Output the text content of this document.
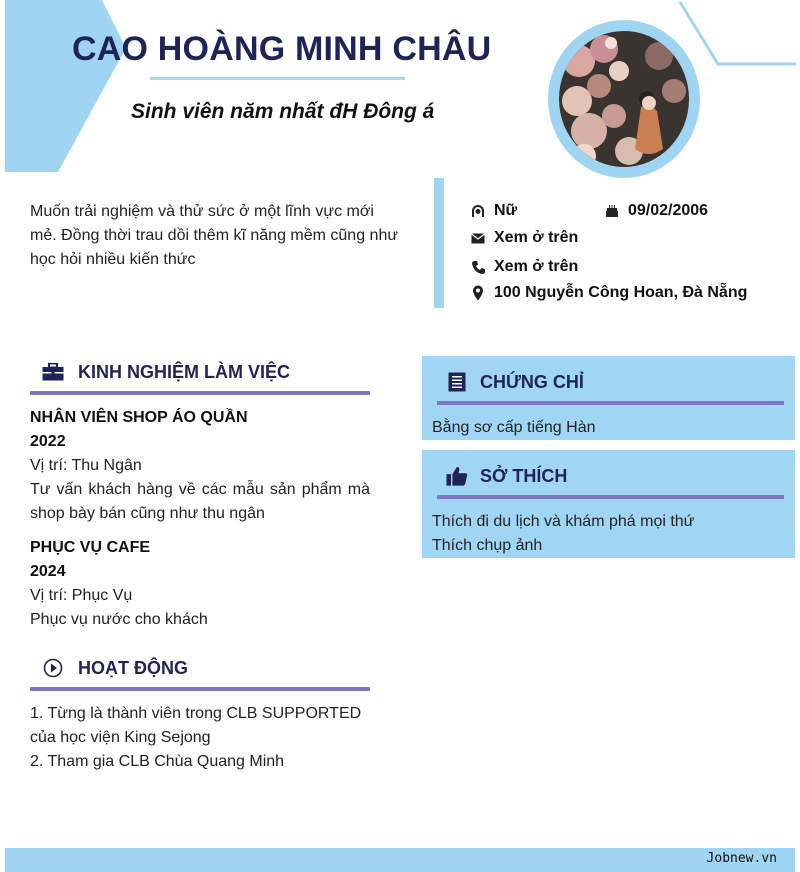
CAO HOÀNG MINH CHÂU
Sinh viên năm nhất đH Đông á
Muốn trải nghiệm và thử sức ở một lĩnh vực mới mẻ. Đồng thời trau dồi thêm kĩ năng mềm cũng như học hỏi nhiều kiến thức
Nữ	09/02/2006
Xem ở trên
Xem ở trên
100 Nguyễn Công Hoan, Đà Nẵng
KINH NGHIỆM LÀM VIỆC
NHÂN VIÊN SHOP ÁO QUẦN
2022
Vị trí: Thu Ngân
Tư vấn khách hàng về các mẫu sản phẩm mà shop bày bán cũng như thu ngân
PHỤC VỤ CAFE
2024
Vị trí: Phục Vụ
Phục vụ nước cho khách
HOẠT ĐỘNG
1. Từng là thành viên trong CLB SUPPORTED của học viện King Sejong
2. Tham gia CLB Chùa Quang Minh
CHỨNG CHỈ
Bằng sơ cấp tiếng Hàn
SỞ THÍCH
Thích đi du lịch và khám phá mọi thứ
Thích chụp ảnh
Jobnew.vn
